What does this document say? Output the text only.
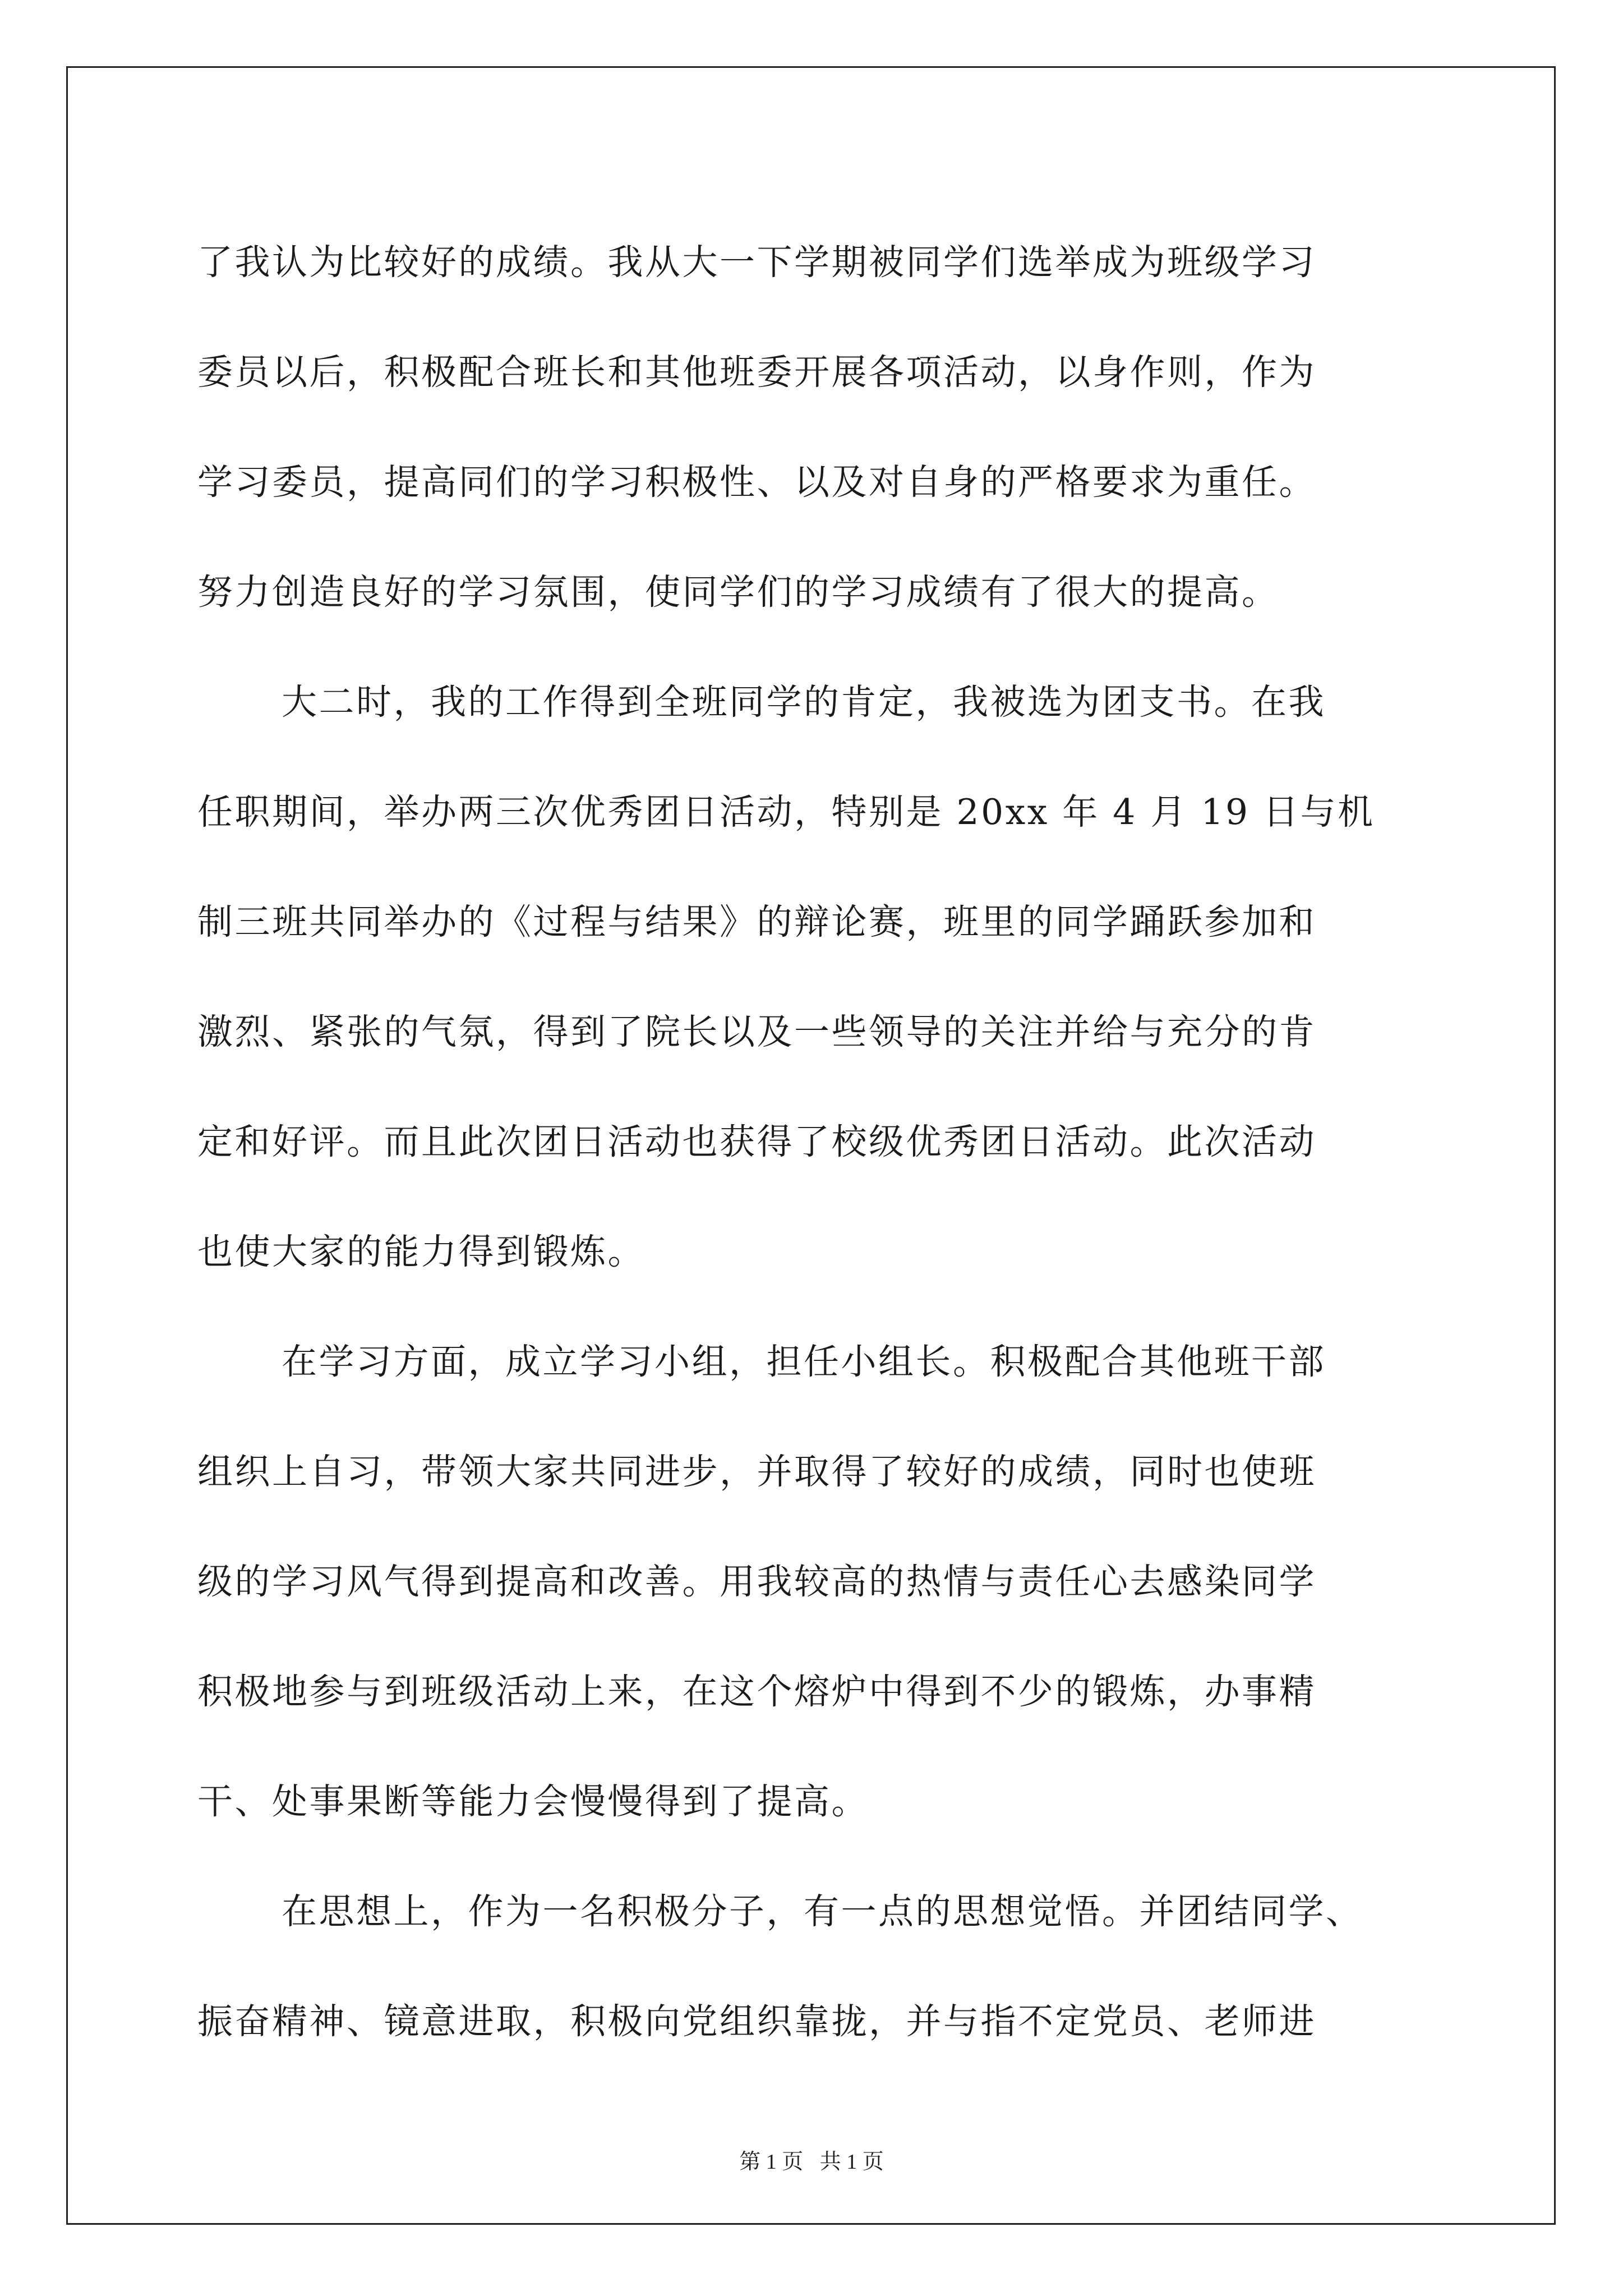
了我认为比较好的成绩。我从大一下学期被同学们选举成为班级学习
委员以后，积极配合班长和其他班委开展各项活动，以身作则，作为
学习委员，提高同们的学习积极性、以及对自身的严格要求为重任。
努力创造良好的学习氛围，使同学们的学习成绩有了很大的提高。
大二时，我的工作得到全班同学的肯定，我被选为团支书。在我
任职期间，举办两三次优秀团日活动，特别是 20xx 年 4 月 19 日与机
制三班共同举办的《过程与结果》的辩论赛，班里的同学踊跃参加和
激烈、紧张的气氛，得到了院长以及一些领导的关注并给与充分的肯
定和好评。而且此次团日活动也获得了校级优秀团日活动。此次活动
也使大家的能力得到锻炼。
在学习方面，成立学习小组，担任小组长。积极配合其他班干部
组织上自习，带领大家共同进步，并取得了较好的成绩，同时也使班
级的学习风气得到提高和改善。用我较高的热情与责任心去感染同学
积极地参与到班级活动上来，在这个熔炉中得到不少的锻炼，办事精
干、处事果断等能力会慢慢得到了提高。
在思想上，作为一名积极分子，有一点的思想觉悟。并团结同学、
振奋精神、镜意进取，积极向党组织靠拢，并与指不定党员、老师进
第 1 页 共 1 页
